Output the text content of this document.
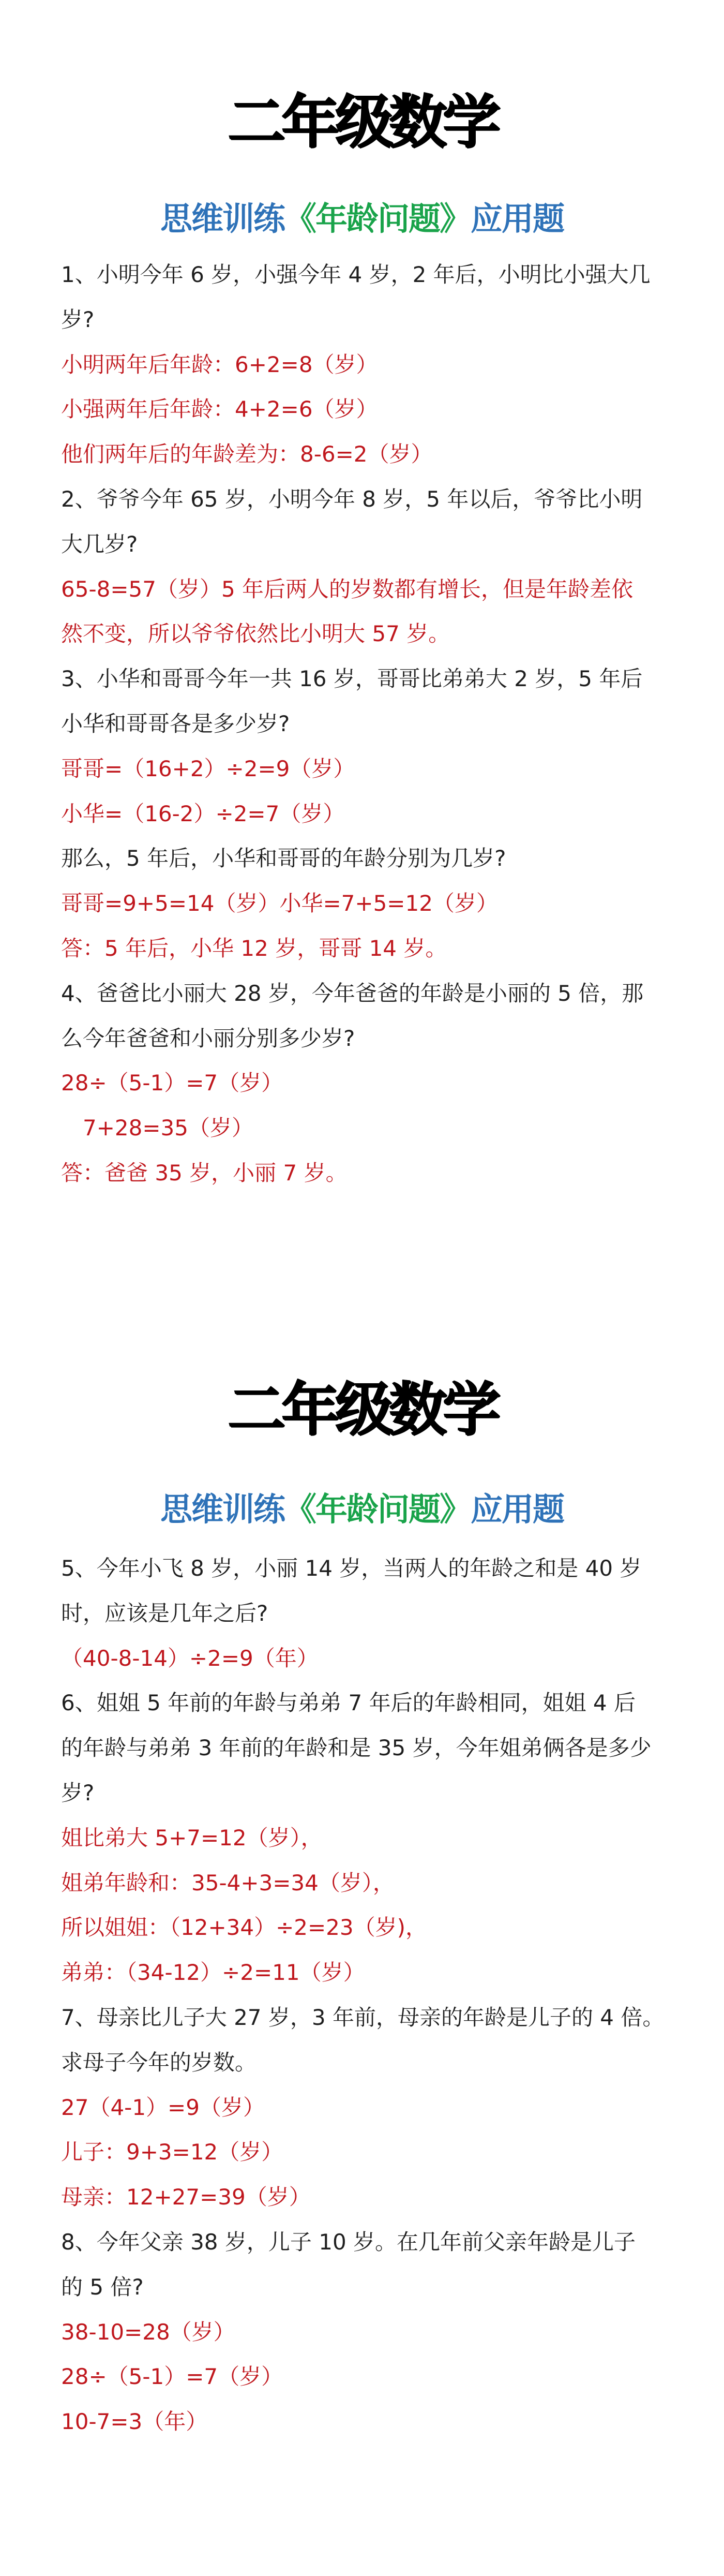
二年级数学
思维训练《年龄问题》应用题
1、小明今年 6 岁，小强今年 4 岁，2 年后，小明比小强大几
岁?
小明两年后年龄：6+2=8（岁）
小强两年后年龄：4+2=6（岁）
他们两年后的年龄差为：8-6=2（岁）
2、爷爷今年 65 岁，小明今年 8 岁，5 年以后，爷爷比小明
大几岁?
65-8=57（岁）5 年后两人的岁数都有增长，但是年龄差依
然不变，所以爷爷依然比小明大 57 岁。
3、小华和哥哥今年一共 16 岁，哥哥比弟弟大 2 岁，5 年后
小华和哥哥各是多少岁?
哥哥=（16+2）÷2=9（岁）
小华=（16-2）÷2=7（岁）
那么，5 年后，小华和哥哥的年龄分别为几岁?
哥哥=9+5=14（岁）小华=7+5=12（岁）
答：5 年后，小华 12 岁，哥哥 14 岁。
4、爸爸比小丽大 28 岁，今年爸爸的年龄是小丽的 5 倍，那
么今年爸爸和小丽分别多少岁?
28÷（5-1）=7（岁）
7+28=35（岁）
答：爸爸 35 岁，小丽 7 岁。
二年级数学
思维训练《年龄问题》应用题
5、今年小飞 8 岁，小丽 14 岁，当两人的年龄之和是 40 岁
时，应该是几年之后?
（40-8-14）÷2=9（年）
6、姐姐 5 年前的年龄与弟弟 7 年后的年龄相同，姐姐 4 后
的年龄与弟弟 3 年前的年龄和是 35 岁，今年姐弟俩各是多少
岁?
姐比弟大 5+7=12（岁），
姐弟年龄和：35-4+3=34（岁），
所以姐姐：（12+34）÷2=23（岁)，
弟弟：（34-12）÷2=11（岁）
7、母亲比儿子大 27 岁，3 年前，母亲的年龄是儿子的 4 倍。
求母子今年的岁数。
27（4-1）=9（岁）
儿子：9+3=12（岁）
母亲：12+27=39（岁）
8、今年父亲 38 岁，儿子 10 岁。在几年前父亲年龄是儿子
的 5 倍?
38-10=28（岁）
28÷（5-1）=7（岁）
10-7=3（年）
